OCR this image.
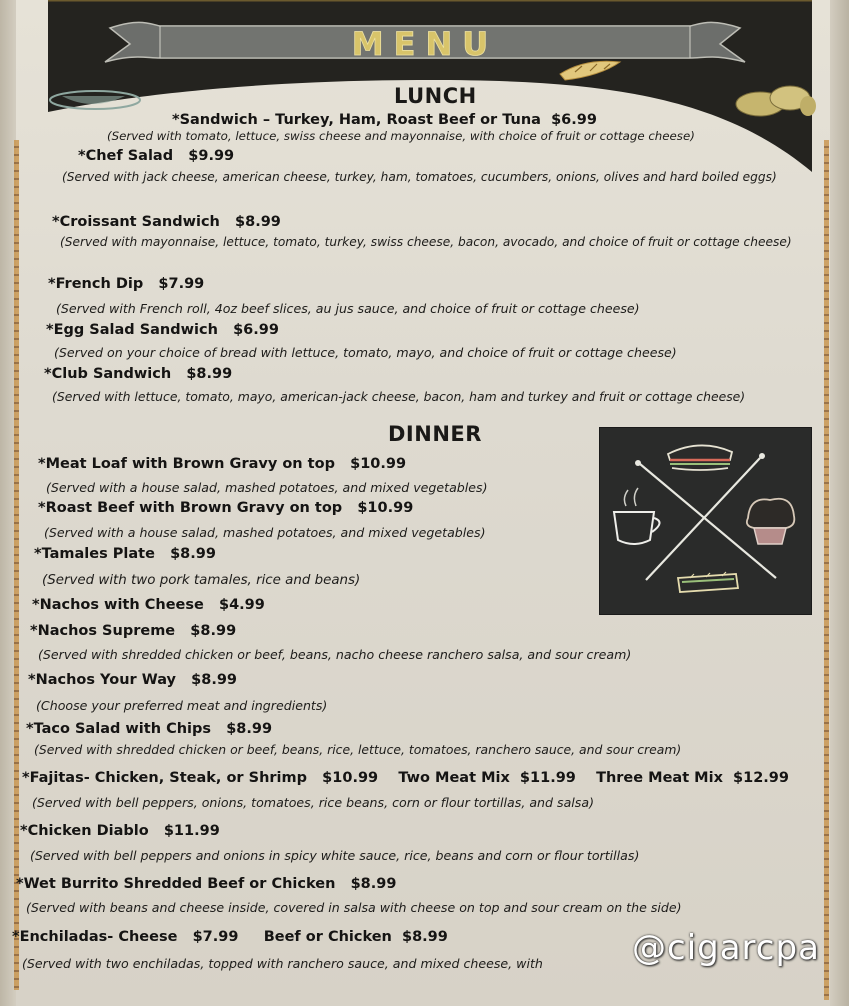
MENU
LUNCH
*Sandwich – Turkey, Ham, Roast Beef or Tuna $6.99
(Served with tomato, lettuce, swiss cheese and mayonnaise, with choice of fruit or cottage cheese)
*Chef Salad $9.99
(Served with jack cheese, american cheese, turkey, ham, tomatoes, cucumbers, onions, olives and hard boiled eggs)
*Croissant Sandwich $8.99
(Served with mayonnaise, lettuce, tomato, turkey, swiss cheese, bacon, avocado, and choice of fruit or cottage cheese)
*French Dip $7.99
(Served with French roll, 4oz beef slices, au jus sauce, and choice of fruit or cottage cheese)
*Egg Salad Sandwich $6.99
(Served on your choice of bread with lettuce, tomato, mayo, and choice of fruit or cottage cheese)
*Club Sandwich $8.99
(Served with lettuce, tomato, mayo, american-jack cheese, bacon, ham and turkey and fruit or cottage cheese)
DINNER
*Meat Loaf with Brown Gravy on top $10.99
(Served with a house salad, mashed potatoes, and mixed vegetables)
*Roast Beef with Brown Gravy on top $10.99
(Served with a house salad, mashed potatoes, and mixed vegetables)
*Tamales Plate $8.99
(Served with two pork tamales, rice and beans)
*Nachos with Cheese $4.99
*Nachos Supreme $8.99
(Served with shredded chicken or beef, beans, nacho cheese ranchero salsa, and sour cream)
*Nachos Your Way $8.99
(Choose your preferred meat and ingredients)
*Taco Salad with Chips $8.99
(Served with shredded chicken or beef, beans, rice, lettuce, tomatoes, ranchero sauce, and sour cream)
*Fajitas- Chicken, Steak, or Shrimp $10.99 Two Meat Mix  $11.99    Three Meat Mix  $12.99
(Served with bell peppers, onions, tomatoes, rice beans, corn or flour tortillas, and salsa)
*Chicken Diablo $11.99
(Served with bell peppers and onions in spicy white sauce, rice, beans and corn or flour tortillas)
*Wet Burrito Shredded Beef or Chicken $8.99
(Served with beans and cheese inside, covered in salsa with cheese on top and sour cream on the side)
*Enchiladas- Cheese $7.99 Beef or Chicken  $8.99
(Served with two enchiladas, topped with ranchero sauce, and mixed cheese, with	@cigarcpa
